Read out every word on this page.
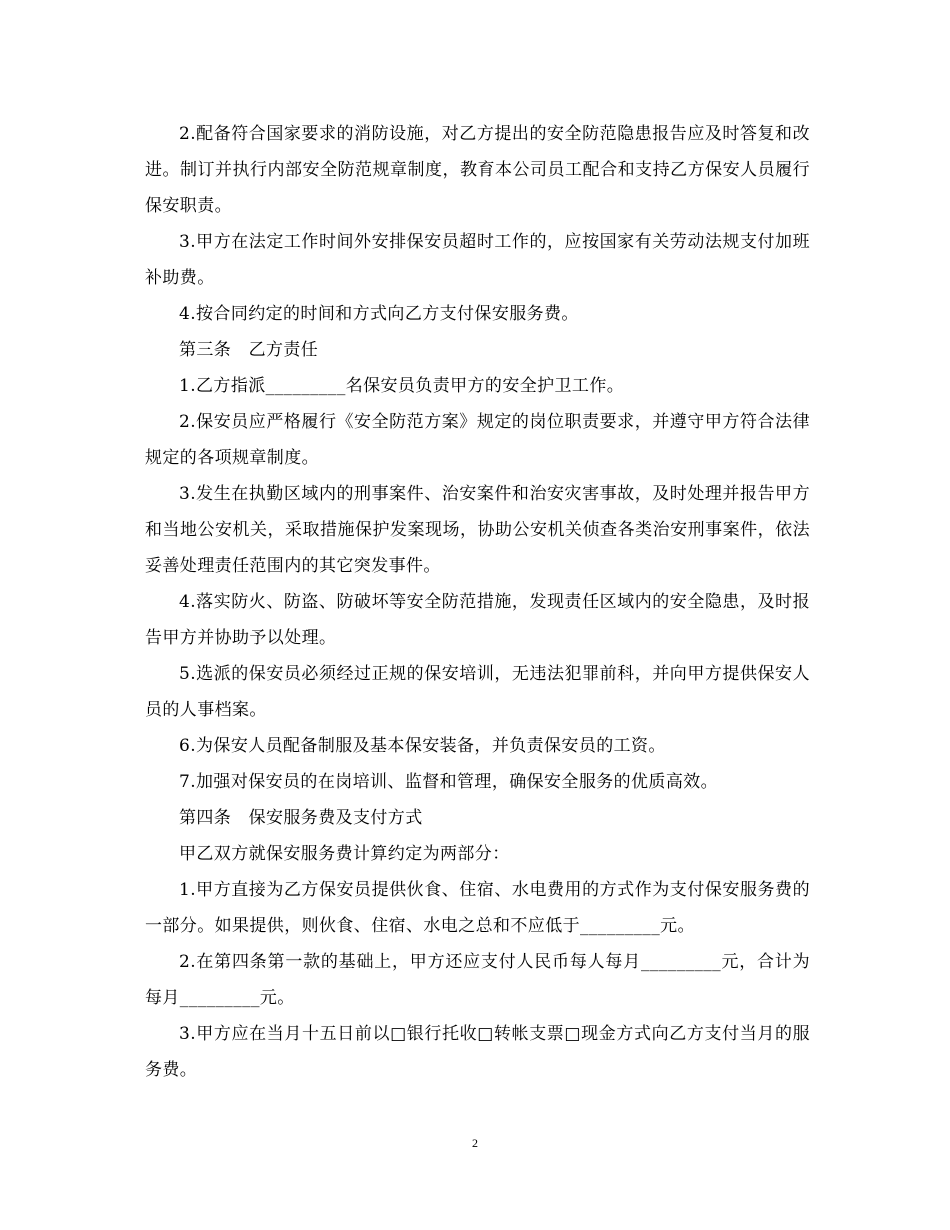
2.配备符合国家要求的消防设施，对乙方提出的安全防范隐患报告应及时答复和改进。制订并执行内部安全防范规章制度，教育本公司员工配合和支持乙方保安人员履行保安职责。

3.甲方在法定工作时间外安排保安员超时工作的，应按国家有关劳动法规支付加班补助费。

4.按合同约定的时间和方式向乙方支付保安服务费。

第三条　乙方责任

1.乙方指派_________名保安员负责甲方的安全护卫工作。

2.保安员应严格履行《安全防范方案》规定的岗位职责要求，并遵守甲方符合法律规定的各项规章制度。

3.发生在执勤区域内的刑事案件、治安案件和治安灾害事故，及时处理并报告甲方和当地公安机关，采取措施保护发案现场，协助公安机关侦查各类治安刑事案件，依法妥善处理责任范围内的其它突发事件。

4.落实防火、防盗、防破坏等安全防范措施，发现责任区域内的安全隐患，及时报告甲方并协助予以处理。

5.选派的保安员必须经过正规的保安培训，无违法犯罪前科，并向甲方提供保安人员的人事档案。

6.为保安人员配备制服及基本保安装备，并负责保安员的工资。

7.加强对保安员的在岗培训、监督和管理，确保安全服务的优质高效。

第四条　保安服务费及支付方式

甲乙双方就保安服务费计算约定为两部分：

1.甲方直接为乙方保安员提供伙食、住宿、水电费用的方式作为支付保安服务费的一部分。如果提供，则伙食、住宿、水电之总和不应低于_________元。

2.在第四条第一款的基础上，甲方还应支付人民币每人每月_________元，合计为每月_________元。

3.甲方应在当月十五日前以□银行托收□转帐支票□现金方式向乙方支付当月的服务费。

2
